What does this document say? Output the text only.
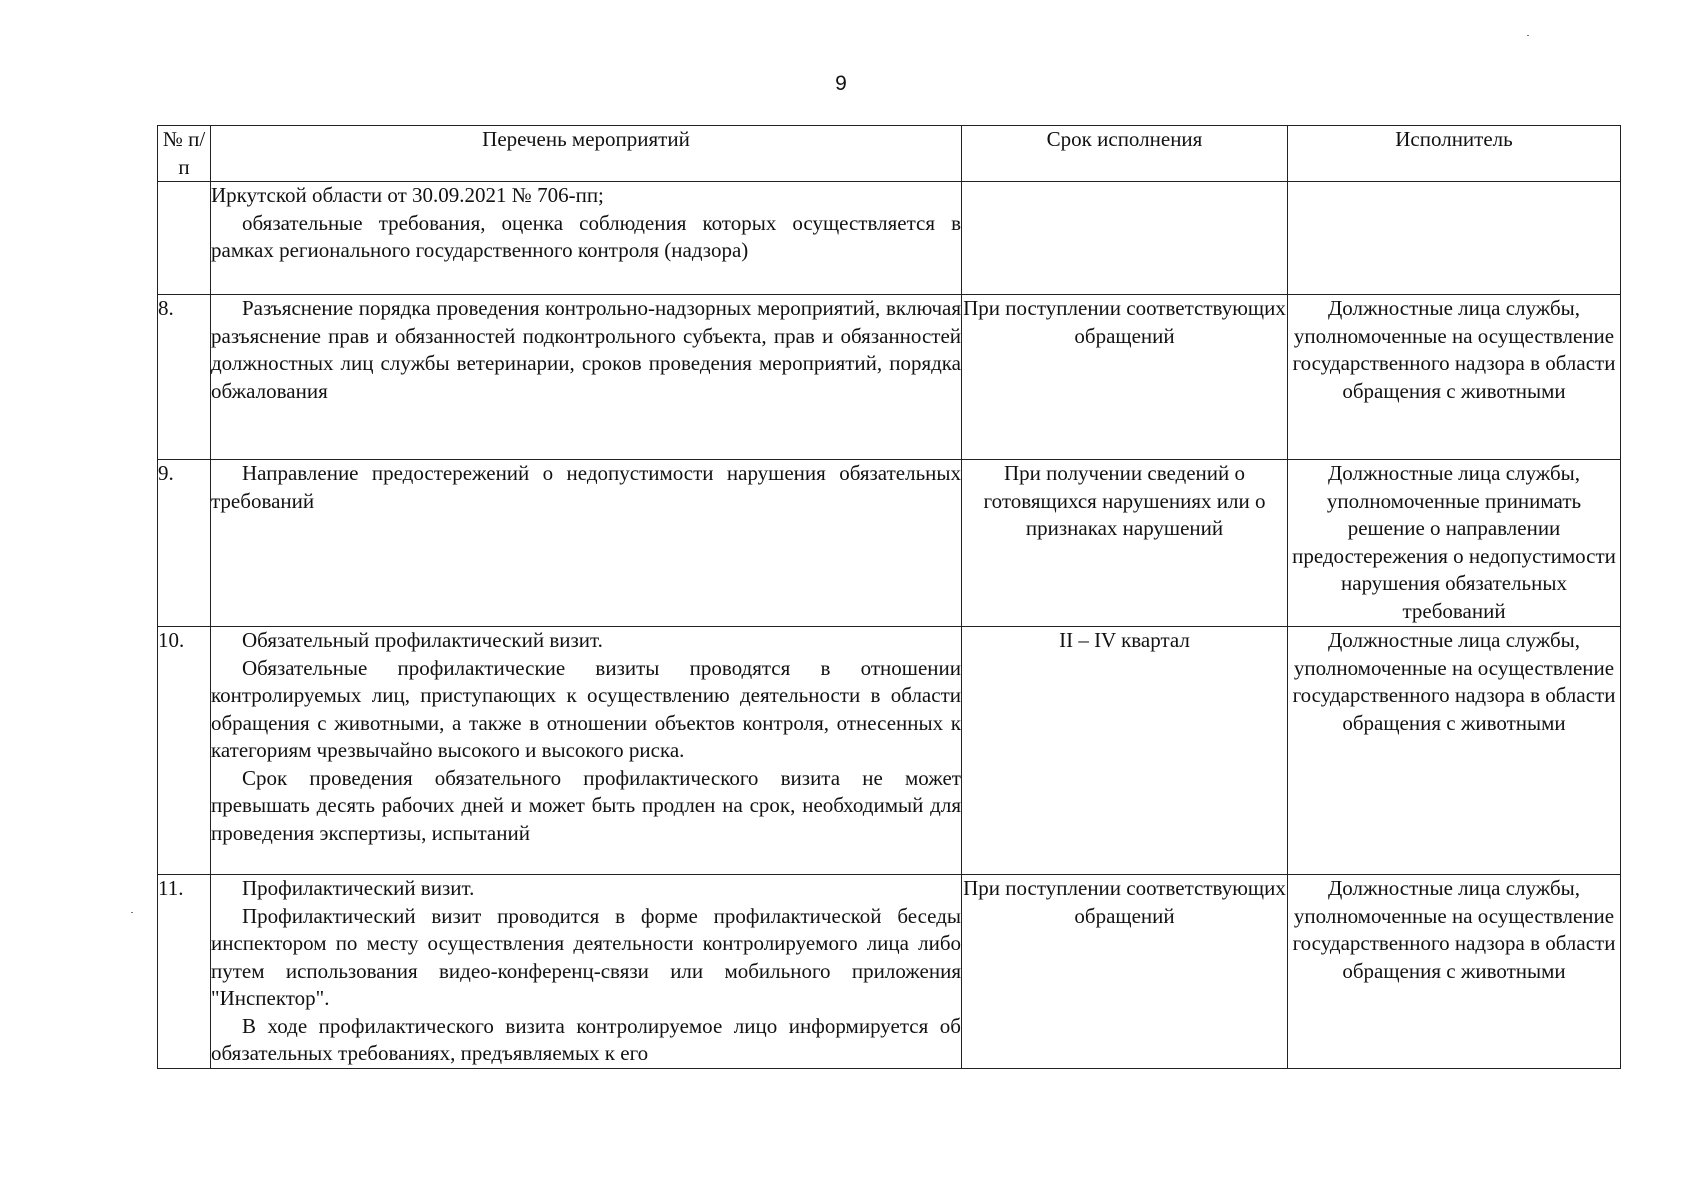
9
№ п/п	Перечень мероприятий	Срок исполнения	Исполнитель

	Иркутской области от 30.09.2021 № 706-пп;

обязательные требования, оценка соблюдения которых осуществляется в рамках регионального государственного контроля (надзора)		

8.	Разъяснение порядка проведения контрольно-надзорных мероприятий, включая разъяснение прав и обязанностей подконтрольного субъекта, прав и обязанностей должностных лиц службы ветеринарии, сроков проведения мероприятий, порядка обжалования	При поступлении соответствующих обращений	Должностные лица службы, уполномоченные на осуществление государственного надзора в области обращения с животными
9.	Направление предостережений о недопустимости нарушения обязательных требований	При получении сведений о готовящихся нарушениях или о признаках нарушений	Должностные лица службы, уполномоченные принимать решение о направлении предостережения о недопустимости нарушения обязательных требований
10.	Обязательный профилактический визит.

Обязательные профилактические визиты проводятся в отношении контролируемых лиц, приступающих к осуществлению деятельности в области обращения с животными, а также в отношении объектов контроля, отнесенных к категориям чрезвычайно высокого и высокого риска.

Срок проведения обязательного профилактического визита не может превышать десять рабочих дней и может быть продлен на срок, необходимый для проведения экспертизы, испытаний	II – IV квартал	Должностные лица службы, уполномоченные на осуществление государственного надзора в области обращения с животными
11.	Профилактический визит.

Профилактический визит проводится в форме профилактической беседы инспектором по месту осуществления деятельности контролируемого лица либо путем использования видео-конференц-связи или мобильного приложения "Инспектор".

В ходе профилактического визита контролируемое лицо информируется об обязательных требованиях, предъявляемых к его	При поступлении соответствующих обращений	Должностные лица службы, уполномоченные на осуществление государственного надзора в области обращения с животными
